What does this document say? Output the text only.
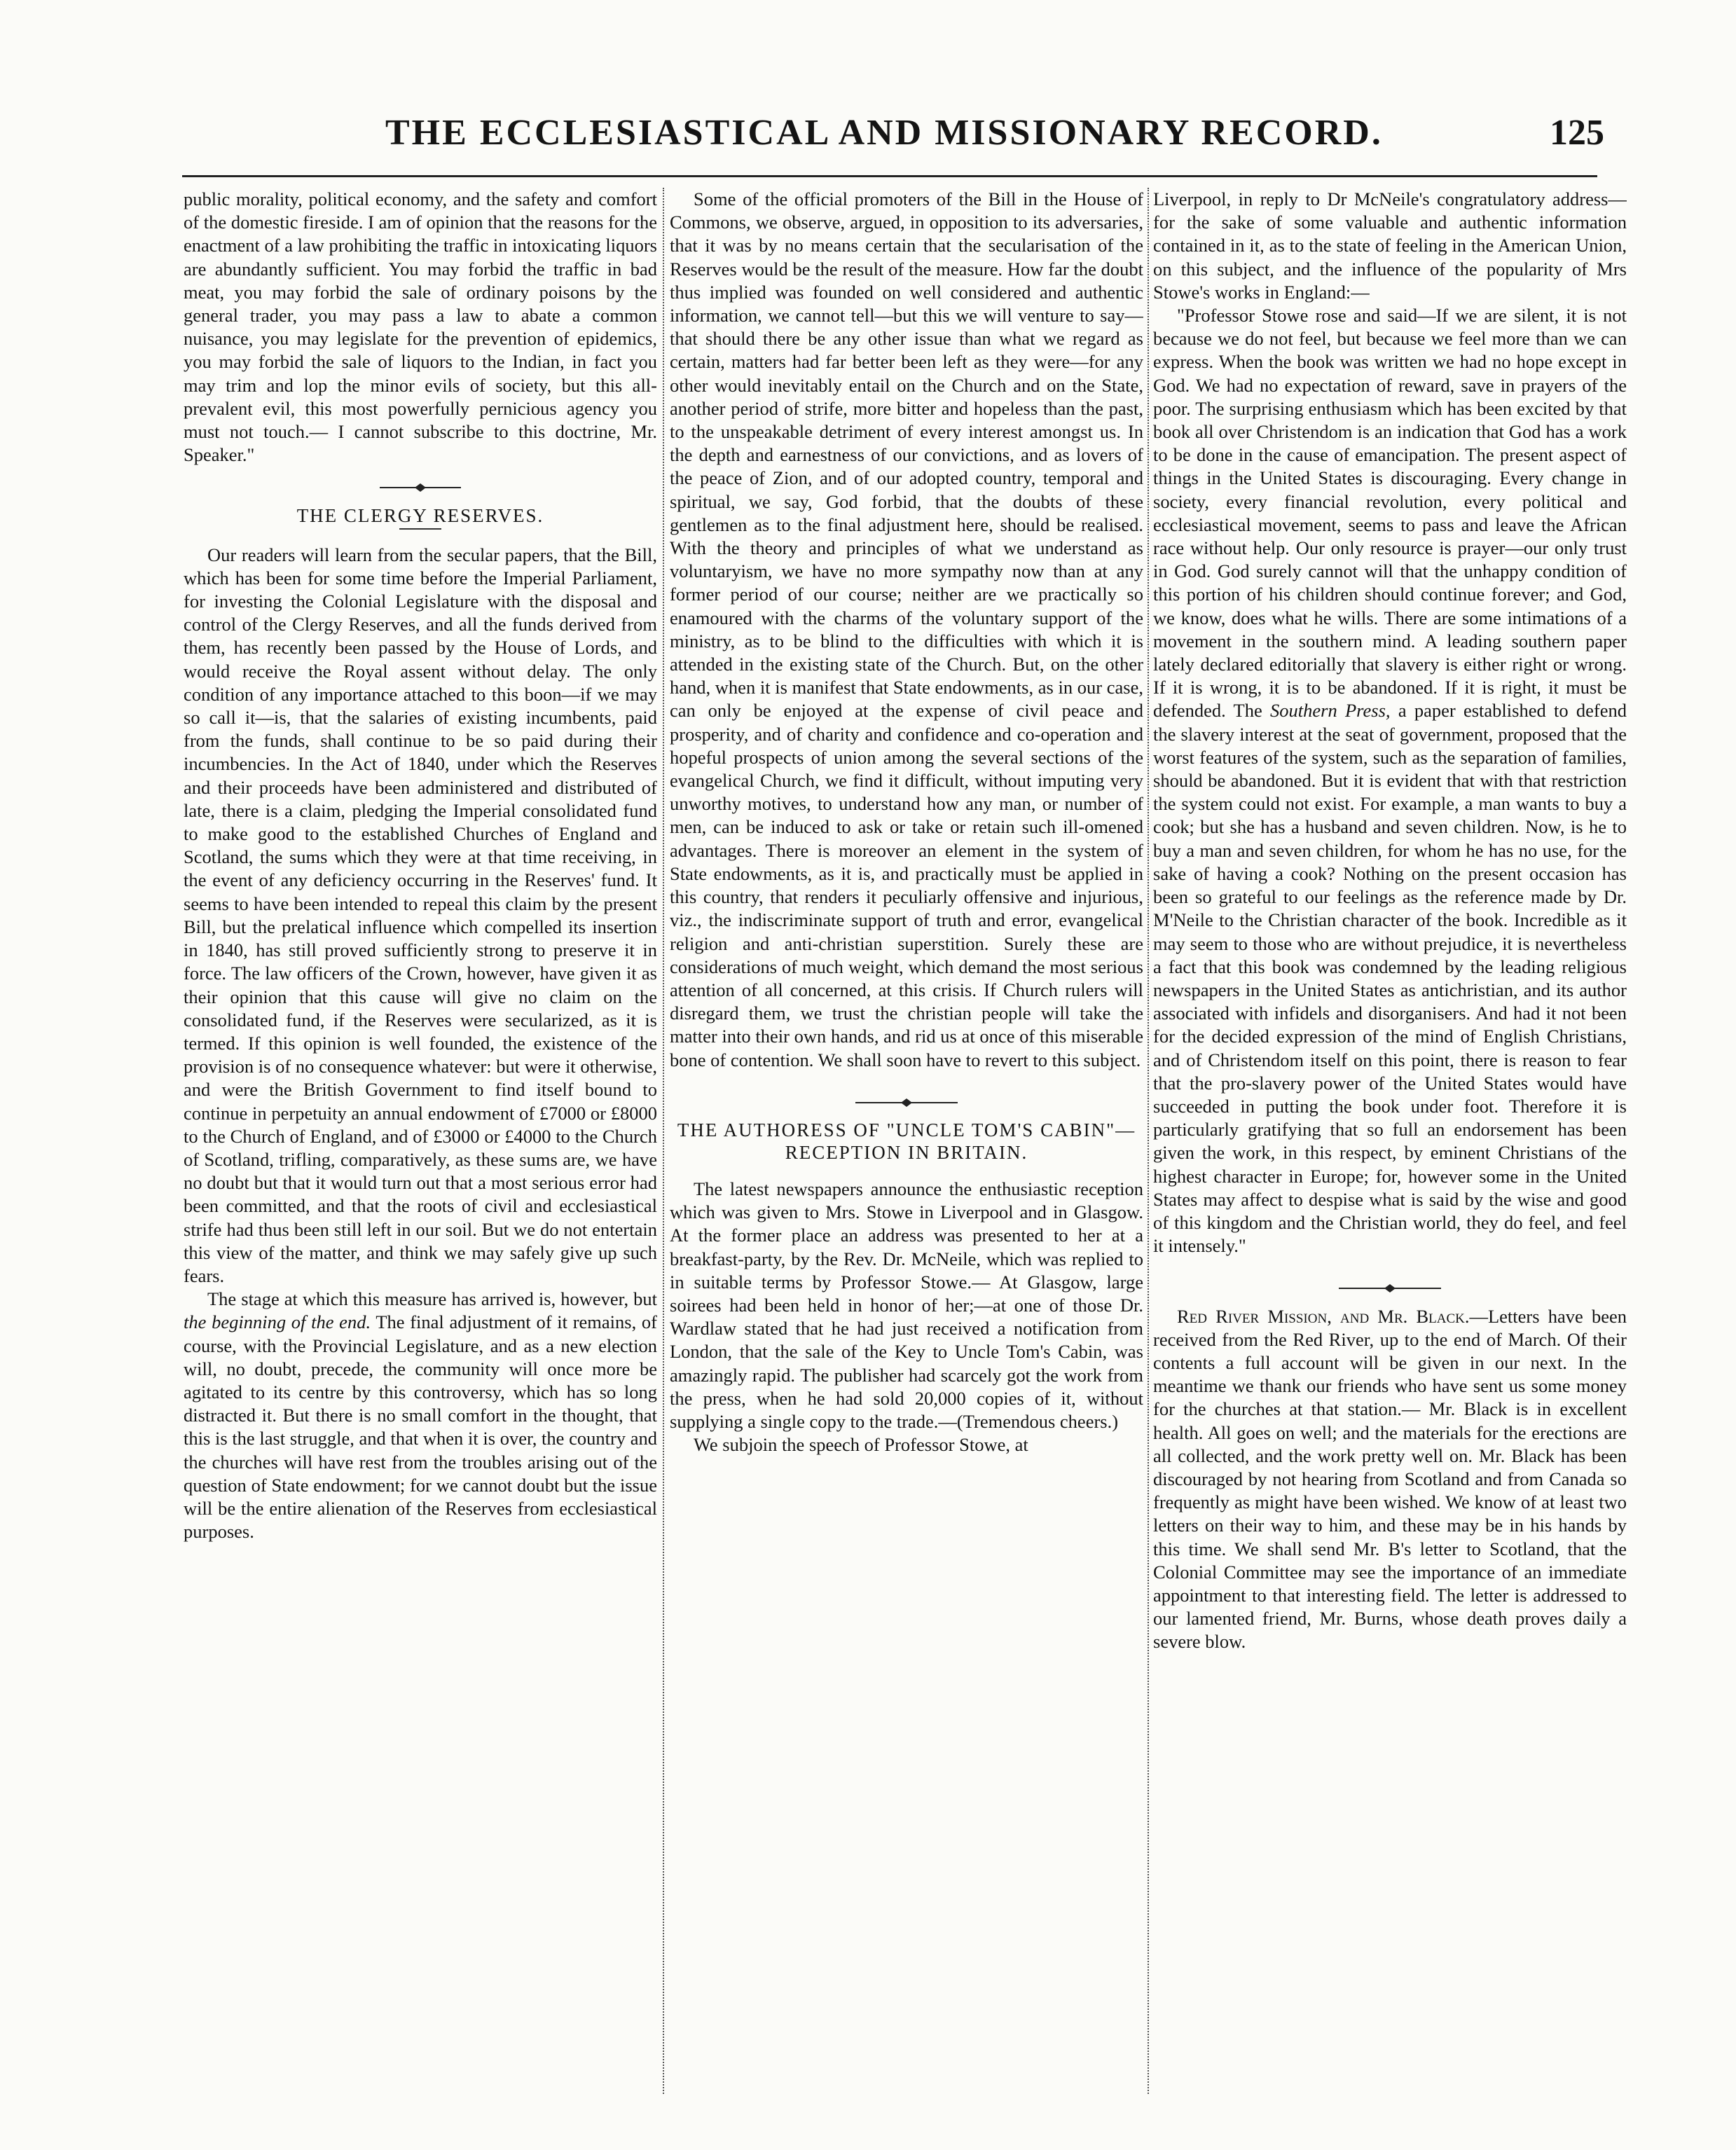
THE ECCLESIASTICAL AND MISSIONARY RECORD.	125

public morality, political economy, and the safety and comfort of the domestic fireside. I am of opinion that the reasons for the enactment of a law prohibiting the traffic in intoxicating liquors are abundantly sufficient. You may forbid the traffic in bad meat, you may forbid the sale of ordinary poisons by the general trader, you may pass a law to abate a common nuisance, you may legislate for the prevention of epidemics, you may forbid the sale of liquors to the Indian, in fact you may trim and lop the minor evils of society, but this all-prevalent evil, this most powerfully pernicious agency you must not touch.— I cannot subscribe to this doctrine, Mr. Speaker."

THE CLERGY RESERVES.

Our readers will learn from the secular papers, that the Bill, which has been for some time before the Imperial Parliament, for investing the Colonial Legislature with the disposal and control of the Clergy Reserves, and all the funds derived from them, has recently been passed by the House of Lords, and would receive the Royal assent without delay. The only condition of any importance attached to this boon—if we may so call it—is, that the salaries of existing incumbents, paid from the funds, shall continue to be so paid during their incumbencies. In the Act of 1840, under which the Reserves and their proceeds have been administered and distributed of late, there is a claim, pledging the Imperial consolidated fund to make good to the established Churches of England and Scotland, the sums which they were at that time receiving, in the event of any deficiency occurring in the Reserves' fund. It seems to have been intended to repeal this claim by the present Bill, but the prelatical influence which compelled its insertion in 1840, has still proved sufficiently strong to preserve it in force. The law officers of the Crown, however, have given it as their opinion that this cause will give no claim on the consolidated fund, if the Reserves were secularized, as it is termed. If this opinion is well founded, the existence of the provision is of no consequence whatever: but were it otherwise, and were the British Government to find itself bound to continue in perpetuity an annual endowment of £7000 or £8000 to the Church of England, and of £3000 or £4000 to the Church of Scotland, trifling, comparatively, as these sums are, we have no doubt but that it would turn out that a most serious error had been committed, and that the roots of civil and ecclesiastical strife had thus been still left in our soil. But we do not entertain this view of the matter, and think we may safely give up such fears.

The stage at which this measure has arrived is, however, but the beginning of the end. The final adjustment of it remains, of course, with the Provincial Legislature, and as a new election will, no doubt, precede, the community will once more be agitated to its centre by this controversy, which has so long distracted it. But there is no small comfort in the thought, that this is the last struggle, and that when it is over, the country and the churches will have rest from the troubles arising out of the question of State endowment; for we cannot doubt but the issue will be the entire alienation of the Reserves from ecclesiastical purposes.

Some of the official promoters of the Bill in the House of Commons, we observe, argued, in opposition to its adversaries, that it was by no means certain that the secularisation of the Reserves would be the result of the measure. How far the doubt thus implied was founded on well considered and authentic information, we cannot tell—but this we will venture to say—that should there be any other issue than what we regard as certain, matters had far better been left as they were—for any other would inevitably entail on the Church and on the State, another period of strife, more bitter and hopeless than the past, to the unspeakable detriment of every interest amongst us. In the depth and earnestness of our convictions, and as lovers of the peace of Zion, and of our adopted country, temporal and spiritual, we say, God forbid, that the doubts of these gentlemen as to the final adjustment here, should be realised. With the theory and principles of what we understand as voluntaryism, we have no more sympathy now than at any former period of our course; neither are we practically so enamoured with the charms of the voluntary support of the ministry, as to be blind to the difficulties with which it is attended in the existing state of the Church. But, on the other hand, when it is manifest that State endowments, as in our case, can only be enjoyed at the expense of civil peace and prosperity, and of charity and confidence and co-operation and hopeful prospects of union among the several sections of the evangelical Church, we find it difficult, without imputing very unworthy motives, to understand how any man, or number of men, can be induced to ask or take or retain such ill-omened advantages. There is moreover an element in the system of State endowments, as it is, and practically must be applied in this country, that renders it peculiarly offensive and injurious, viz., the indiscriminate support of truth and error, evangelical religion and anti-christian superstition. Surely these are considerations of much weight, which demand the most serious attention of all concerned, at this crisis. If Church rulers will disregard them, we trust the christian people will take the matter into their own hands, and rid us at once of this miserable bone of contention. We shall soon have to revert to this subject.

THE AUTHORESS OF "UNCLE TOM'S CABIN"—RECEPTION IN BRITAIN.

The latest newspapers announce the enthusiastic reception which was given to Mrs. Stowe in Liverpool and in Glasgow. At the former place an address was presented to her at a breakfast-party, by the Rev. Dr. McNeile, which was replied to in suitable terms by Professor Stowe.— At Glasgow, large soirees had been held in honor of her;—at one of those Dr. Wardlaw stated that he had just received a notification from London, that the sale of the Key to Uncle Tom's Cabin, was amazingly rapid. The publisher had scarcely got the work from the press, when he had sold 20,000 copies of it, without supplying a single copy to the trade.—(Tremendous cheers.)

We subjoin the speech of Professor Stowe, at

Liverpool, in reply to Dr McNeile's congratulatory address—for the sake of some valuable and authentic information contained in it, as to the state of feeling in the American Union, on this subject, and the influence of the popularity of Mrs Stowe's works in England:—

"Professor Stowe rose and said—If we are silent, it is not because we do not feel, but because we feel more than we can express. When the book was written we had no hope except in God. We had no expectation of reward, save in prayers of the poor. The surprising enthusiasm which has been excited by that book all over Christendom is an indication that God has a work to be done in the cause of emancipation. The present aspect of things in the United States is discouraging. Every change in society, every financial revolution, every political and ecclesiastical movement, seems to pass and leave the African race without help. Our only resource is prayer—our only trust in God. God surely cannot will that the unhappy condition of this portion of his children should continue forever; and God, we know, does what he wills. There are some intimations of a movement in the southern mind. A leading southern paper lately declared editorially that slavery is either right or wrong. If it is wrong, it is to be abandoned. If it is right, it must be defended. The Southern Press, a paper established to defend the slavery interest at the seat of government, proposed that the worst features of the system, such as the separation of families, should be abandoned. But it is evident that with that restriction the system could not exist. For example, a man wants to buy a cook; but she has a husband and seven children. Now, is he to buy a man and seven children, for whom he has no use, for the sake of having a cook? Nothing on the present occasion has been so grateful to our feelings as the reference made by Dr. M'Neile to the Christian character of the book. Incredible as it may seem to those who are without prejudice, it is nevertheless a fact that this book was condemned by the leading religious newspapers in the United States as antichristian, and its author associated with infidels and disorganisers. And had it not been for the decided expression of the mind of English Christians, and of Christendom itself on this point, there is reason to fear that the pro-slavery power of the United States would have succeeded in putting the book under foot. Therefore it is particularly gratifying that so full an endorsement has been given the work, in this respect, by eminent Christians of the highest character in Europe; for, however some in the United States may affect to despise what is said by the wise and good of this kingdom and the Christian world, they do feel, and feel it intensely."

Red River Mission, and Mr. Black.—Letters have been received from the Red River, up to the end of March. Of their contents a full account will be given in our next. In the meantime we thank our friends who have sent us some money for the churches at that station.— Mr. Black is in excellent health. All goes on well; and the materials for the erections are all collected, and the work pretty well on. Mr. Black has been discouraged by not hearing from Scotland and from Canada so frequently as might have been wished. We know of at least two letters on their way to him, and these may be in his hands by this time. We shall send Mr. B's letter to Scotland, that the Colonial Committee may see the importance of an immediate appointment to that interesting field. The letter is addressed to our lamented friend, Mr. Burns, whose death proves daily a severe blow.
